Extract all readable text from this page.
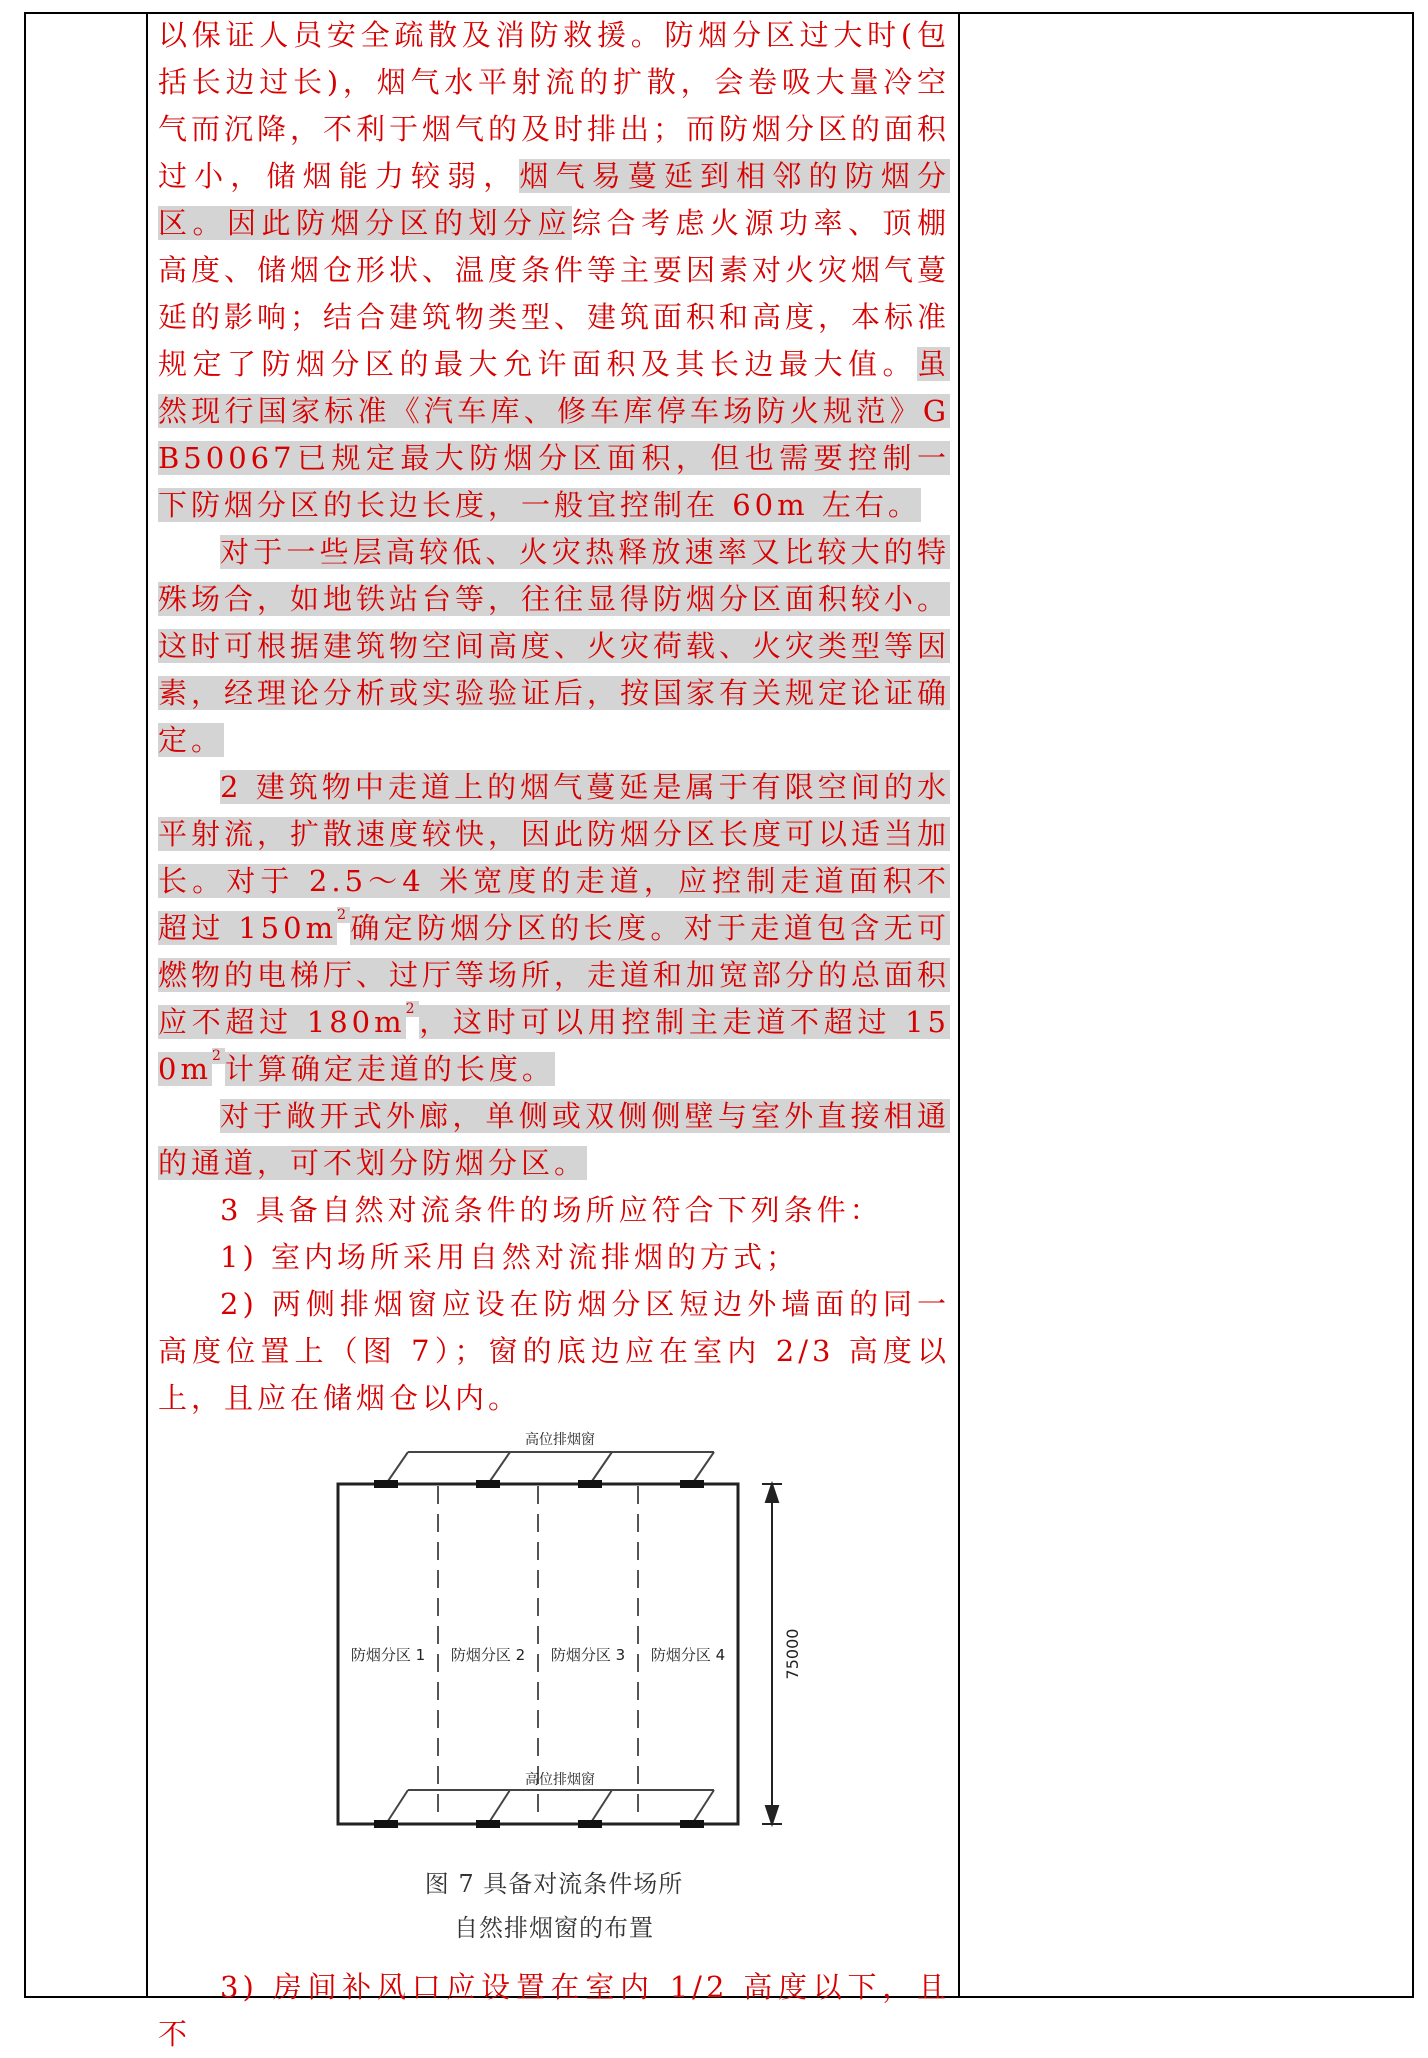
以保证人员安全疏散及消防救援。防烟分区过大时(包括长边过长)，烟气水平射流的扩散，会卷吸大量冷空气而沉降，不利于烟气的及时排出；而防烟分区的面积过小，储烟能力较弱，烟气易蔓延到相邻的防烟分区。因此防烟分区的划分应综合考虑火源功率、顶棚高度、储烟仓形状、温度条件等主要因素对火灾烟气蔓延的影响；结合建筑物类型、建筑面积和高度，本标准规定了防烟分区的最大允许面积及其长边最大值。虽然现行国家标准《汽车库、修车库停车场防火规范》GB50067已规定最大防烟分区面积，但也需要控制一下防烟分区的长边长度，一般宜控制在 60m 左右。

对于一些层高较低、火灾热释放速率又比较大的特殊场合，如地铁站台等，往往显得防烟分区面积较小。这时可根据建筑物空间高度、火灾荷载、火灾类型等因素，经理论分析或实验验证后，按国家有关规定论证确定。

2 建筑物中走道上的烟气蔓延是属于有限空间的水平射流，扩散速度较快，因此防烟分区长度可以适当加长。对于 2.5～4 米宽度的走道，应控制走道面积不超过 $150m^2$确定防烟分区的长度。对于走道包含无可燃物的电梯厅、过厅等场所，走道和加宽部分的总面积应不超过 $180m^2$，这时可以用控制主走道不超过 $150m^2$计算确定走道的长度。

对于敞开式外廊，单侧或双侧侧壁与室外直接相通的通道，可不划分防烟分区。

3 具备自然对流条件的场所应符合下列条件：

1) 室内场所采用自然对流排烟的方式；

2) 两侧排烟窗应设在防烟分区短边外墙面的同一高度位置上（图 7）；窗的底边应在室内 2/3 高度以上，且应在储烟仓以内。

高位排烟窗
高位排烟窗
防烟分区 1 防烟分区 2 防烟分区 3 防烟分区 4	75000
图 7 具备对流条件场所
自然排烟窗的布置

3) 房间补风口应设置在室内 1/2 高度以下，且不
